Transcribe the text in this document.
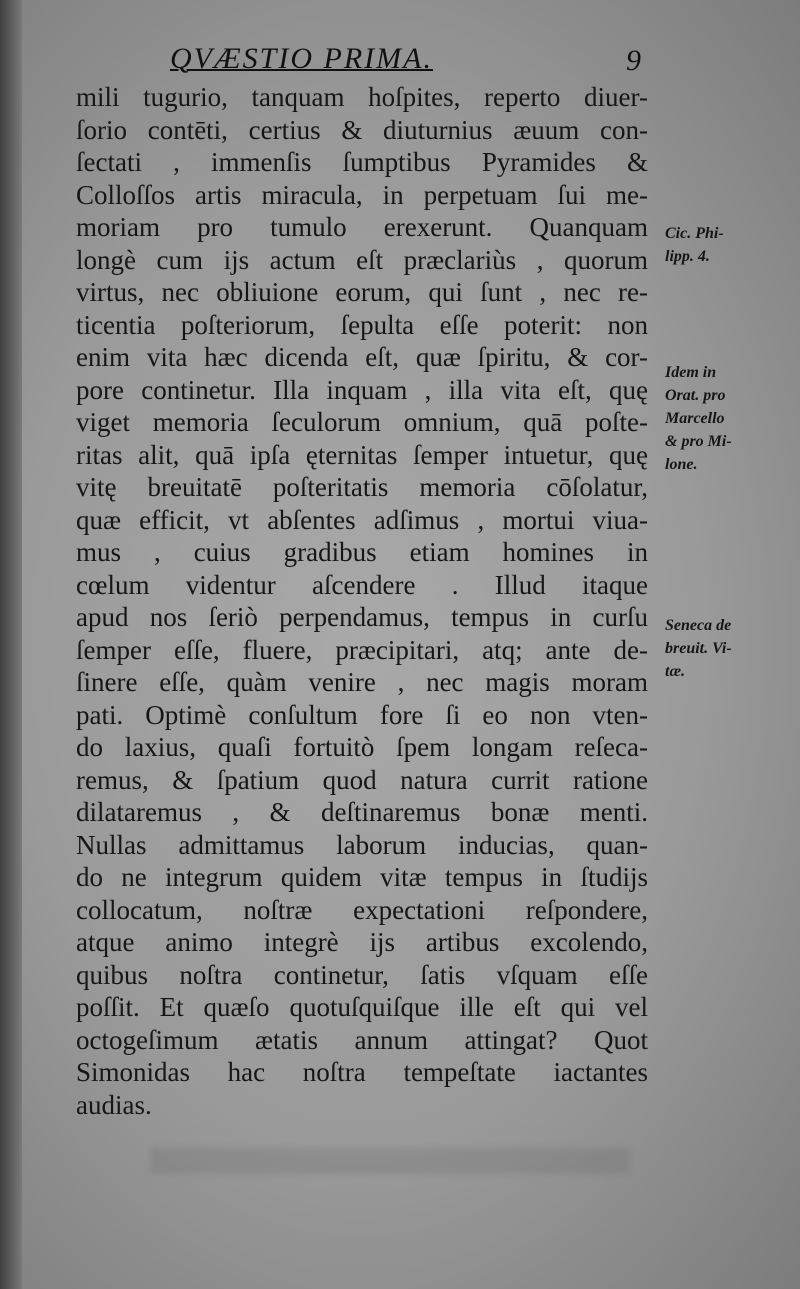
QVÆSTIO PRIMA.	9
mili tugurio, tanquam hoſpites, reperto diuer-
ſorio contēti, certius & diuturnius æuum con-
ſectati , immenſis ſumptibus Pyramides &
Colloſſos artis miracula, in perpetuam ſui me-
moriam pro tumulo erexerunt. Quanquam
longè cum ijs actum eſt præclariùs , quorum
virtus, nec obliuione eorum, qui ſunt , nec re-
ticentia poſteriorum, ſepulta eſſe poterit: non
enim vita hæc dicenda eſt, quæ ſpiritu, & cor-
pore continetur. Illa inquam , illa vita eſt, quę
viget memoria ſeculorum omnium, quā poſte-
ritas alit, quā ipſa ęternitas ſemper intuetur, quę
vitę breuitatē poſteritatis memoria cōſolatur,
quæ efficit, vt abſentes adſimus , mortui viua-
mus , cuius gradibus etiam homines in
cœlum videntur aſcendere . Illud itaque
apud nos ſeriò perpendamus, tempus in curſu
ſemper eſſe, fluere, præcipitari, atq; ante de-
ſinere eſſe, quàm venire , nec magis moram
pati. Optimè conſultum fore ſi eo non vten-
do laxius, quaſi fortuitò ſpem longam reſeca-
remus, & ſpatium quod natura currit ratione
dilataremus , & deſtinaremus bonæ menti.
Nullas admittamus laborum inducias, quan-
do ne integrum quidem vitæ tempus in ſtudijs
collocatum, noſtræ expectationi reſpondere,
atque animo integrè ijs artibus excolendo,
quibus noſtra continetur, ſatis vſquam eſſe
poſſit. Et quæſo quotuſquiſque ille eſt qui vel
octogeſimum ætatis annum attingat? Quot
Simonidas hac noſtra tempeſtate iactantes
audias.
Cic. Phi-
lipp. 4.
Idem in
Orat. pro
Marcello
& pro Mi-
lone.
Seneca de
breuit. Vi-
tæ.
